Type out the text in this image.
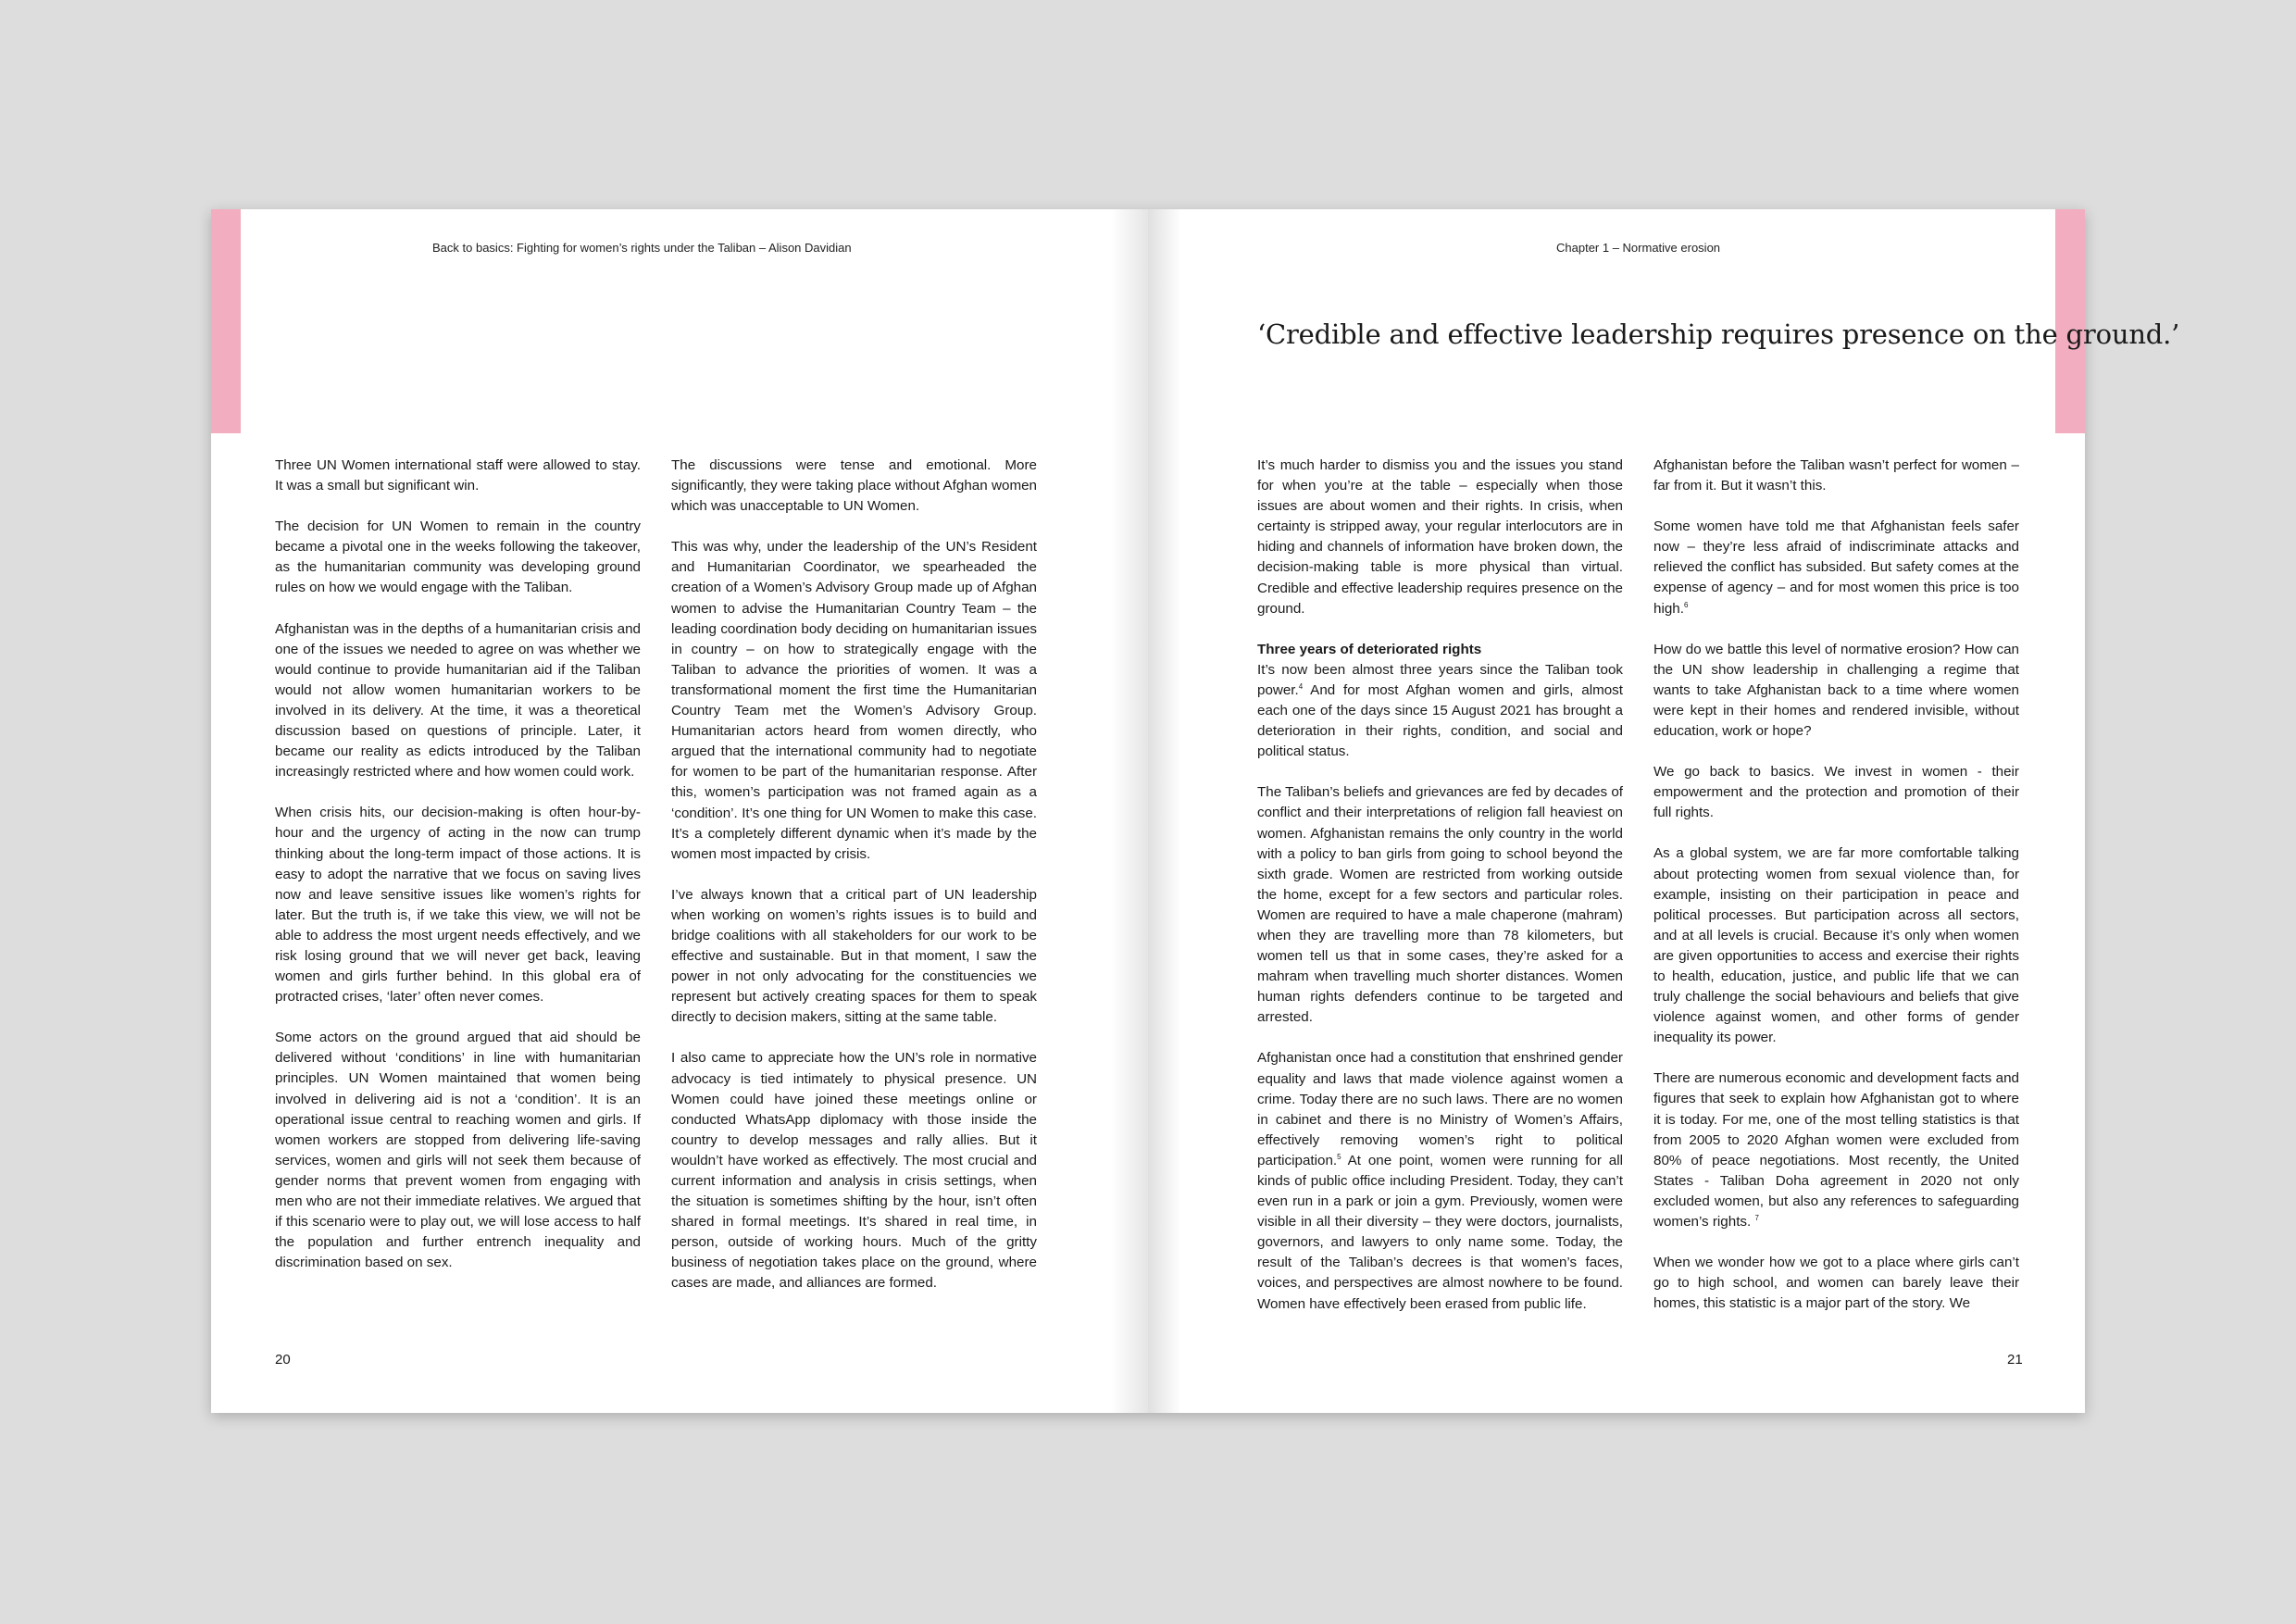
Back to basics: Fighting for women’s rights under the Taliban – Alison Davidian

Three UN Women international staff were allowed to stay. It was a small but significant win.

The decision for UN Women to remain in the country became a pivotal one in the weeks following the takeover, as the humanitarian community was developing ground rules on how we would engage with the Taliban.

Afghanistan was in the depths of a humanitarian crisis and one of the issues we needed to agree on was whether we would continue to provide humanitarian aid if the Taliban would not allow women humanitarian workers to be involved in its delivery. At the time, it was a theoretical discussion based on questions of principle. Later, it became our reality as edicts introduced by the Taliban increasingly restricted where and how women could work.

When crisis hits, our decision-making is often hour-by-hour and the urgency of acting in the now can trump thinking about the long-term impact of those actions. It is easy to adopt the narrative that we focus on saving lives now and leave sensitive issues like women’s rights for later. But the truth is, if we take this view, we will not be able to address the most urgent needs effectively, and we risk losing ground that we will never get back, leaving women and girls further behind. In this global era of protracted crises, ‘later’ often never comes.

Some actors on the ground argued that aid should be delivered without ‘conditions’ in line with humanitarian principles. UN Women maintained that women being involved in delivering aid is not a ‘condition’. It is an operational issue central to reaching women and girls. If women workers are stopped from delivering life-saving services, women and girls will not seek them because of gender norms that prevent women from engaging with men who are not their immediate relatives. We argued that if this scenario were to play out, we will lose access to half the population and further entrench inequality and discrimination based on sex.

The discussions were tense and emotional. More significantly, they were taking place without Afghan women which was unacceptable to UN Women.

This was why, under the leadership of the UN’s Resident and Humanitarian Coordinator, we spearheaded the creation of a Women’s Advisory Group made up of Afghan women to advise the Humanitarian Country Team – the leading coordination body deciding on humanitarian issues in country – on how to strategically engage with the Taliban to advance the priorities of women. It was a transformational moment the first time the Humanitarian Country Team met the Women’s Advisory Group. Humanitarian actors heard from women directly, who argued that the international community had to negotiate for women to be part of the humanitarian response. After this, women’s participation was not framed again as a ‘condition’. It’s one thing for UN Women to make this case. It’s a completely different dynamic when it’s made by the women most impacted by crisis.

I’ve always known that a critical part of UN leadership when working on women’s rights issues is to build and bridge coalitions with all stakeholders for our work to be effective and sustainable. But in that moment, I saw the power in not only advocating for the constituencies we represent but actively creating spaces for them to speak directly to decision makers, sitting at the same table.

I also came to appreciate how the UN’s role in normative advocacy is tied intimately to physical presence. UN Women could have joined these meetings online or conducted WhatsApp diplomacy with those inside the country to develop messages and rally allies. But it wouldn’t have worked as effectively. The most crucial and current information and analysis in crisis settings, when the situation is sometimes shifting by the hour, isn’t often shared in formal meetings. It’s shared in real time, in person, outside of working hours. Much of the gritty business of negotiation takes place on the ground, where cases are made, and alliances are formed.

20
Chapter 1 – Normative erosion
‘Credible and effective leadership requires presence on the ground.’

It’s much harder to dismiss you and the issues you stand for when you’re at the table – especially when those issues are about women and their rights. In crisis, when certainty is stripped away, your regular interlocutors are in hiding and channels of information have broken down, the decision-making table is more physical than virtual. Credible and effective leadership requires presence on the ground.

Three years of deteriorated rights

It’s now been almost three years since the Taliban took power.$^4$ And for most Afghan women and girls, almost each one of the days since 15 August 2021 has brought a deterioration in their rights, condition, and social and political status.

The Taliban’s beliefs and grievances are fed by decades of conflict and their interpretations of religion fall heaviest on women. Afghanistan remains the only country in the world with a policy to ban girls from going to school beyond the sixth grade. Women are restricted from working outside the home, except for a few sectors and particular roles. Women are required to have a male chaperone (mahram) when they are travelling more than 78 kilometers, but women tell us that in some cases, they’re asked for a mahram when travelling much shorter distances. Women human rights defenders continue to be targeted and arrested.

Afghanistan once had a constitution that enshrined gender equality and laws that made violence against women a crime. Today there are no such laws. There are no women in cabinet and there is no Ministry of Women’s Affairs, effectively removing women’s right to political participation.$^5$ At one point, women were running for all kinds of public office including President. Today, they can’t even run in a park or join a gym. Previously, women were visible in all their diversity – they were doctors, journalists, governors, and lawyers to only name some. Today, the result of the Taliban’s decrees is that women’s faces, voices, and perspectives are almost nowhere to be found. Women have effectively been erased from public life.

Afghanistan before the Taliban wasn’t perfect for women – far from it. But it wasn’t this.

Some women have told me that Afghanistan feels safer now – they’re less afraid of indiscriminate attacks and relieved the conflict has subsided. But safety comes at the expense of agency – and for most women this price is too high.$^6$

How do we battle this level of normative erosion? How can the UN show leadership in challenging a regime that wants to take Afghanistan back to a time where women were kept in their homes and rendered invisible, without education, work or hope?

We go back to basics. We invest in women - their empowerment and the protection and promotion of their full rights.

As a global system, we are far more comfortable talking about protecting women from sexual violence than, for example, insisting on their participation in peace and political processes. But participation across all sectors, and at all levels is crucial. Because it’s only when women are given opportunities to access and exercise their rights to health, education, justice, and public life that we can truly challenge the social behaviours and beliefs that give violence against women, and other forms of gender inequality its power.

There are numerous economic and development facts and figures that seek to explain how Afghanistan got to where it is today. For me, one of the most telling statistics is that from 2005 to 2020 Afghan women were excluded from 80% of peace negotiations. Most recently, the United States - Taliban Doha agreement in 2020 not only excluded women, but also any references to safeguarding women’s rights. $^7$

When we wonder how we got to a place where girls can’t go to high school, and women can barely leave their homes, this statistic is a major part of the story. We

21
